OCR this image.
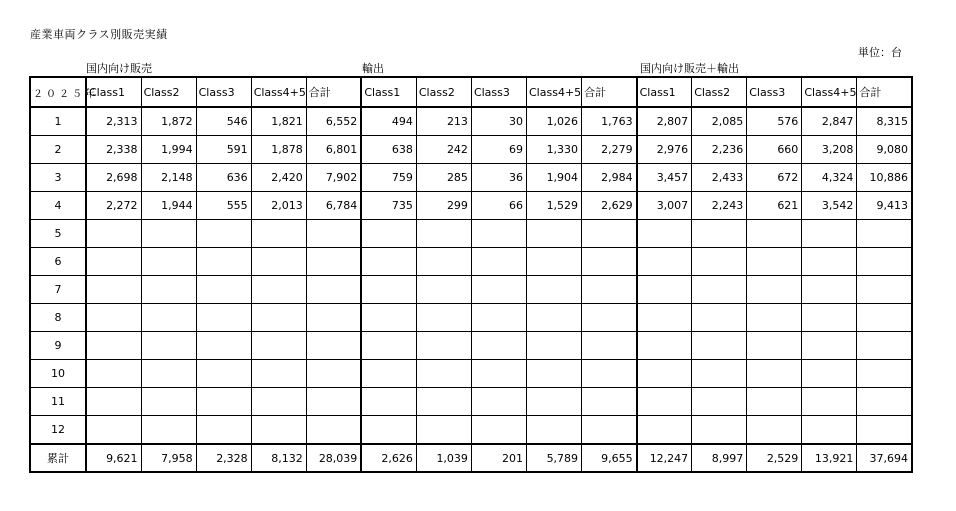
産業車両クラス別販売実績
単位：台
国内向け販売	輸出	国内向け販売＋輸出
２０２５年	Class1	Class2	Class3	Class4+5	合計	Class1	Class2	Class3	Class4+5	合計	Class1	Class2	Class3	Class4+5	合計
1	2,313	1,872	546	1,821	6,552	494	213	30	1,026	1,763	2,807	2,085	576	2,847	8,315
2	2,338	1,994	591	1,878	6,801	638	242	69	1,330	2,279	2,976	2,236	660	3,208	9,080
3	2,698	2,148	636	2,420	7,902	759	285	36	1,904	2,984	3,457	2,433	672	4,324	10,886
4	2,272	1,944	555	2,013	6,784	735	299	66	1,529	2,629	3,007	2,243	621	3,542	9,413
5															
6															
7															
8															
9															
10															
11															
12															
累計	9,621	7,958	2,328	8,132	28,039	2,626	1,039	201	5,789	9,655	12,247	8,997	2,529	13,921	37,694
